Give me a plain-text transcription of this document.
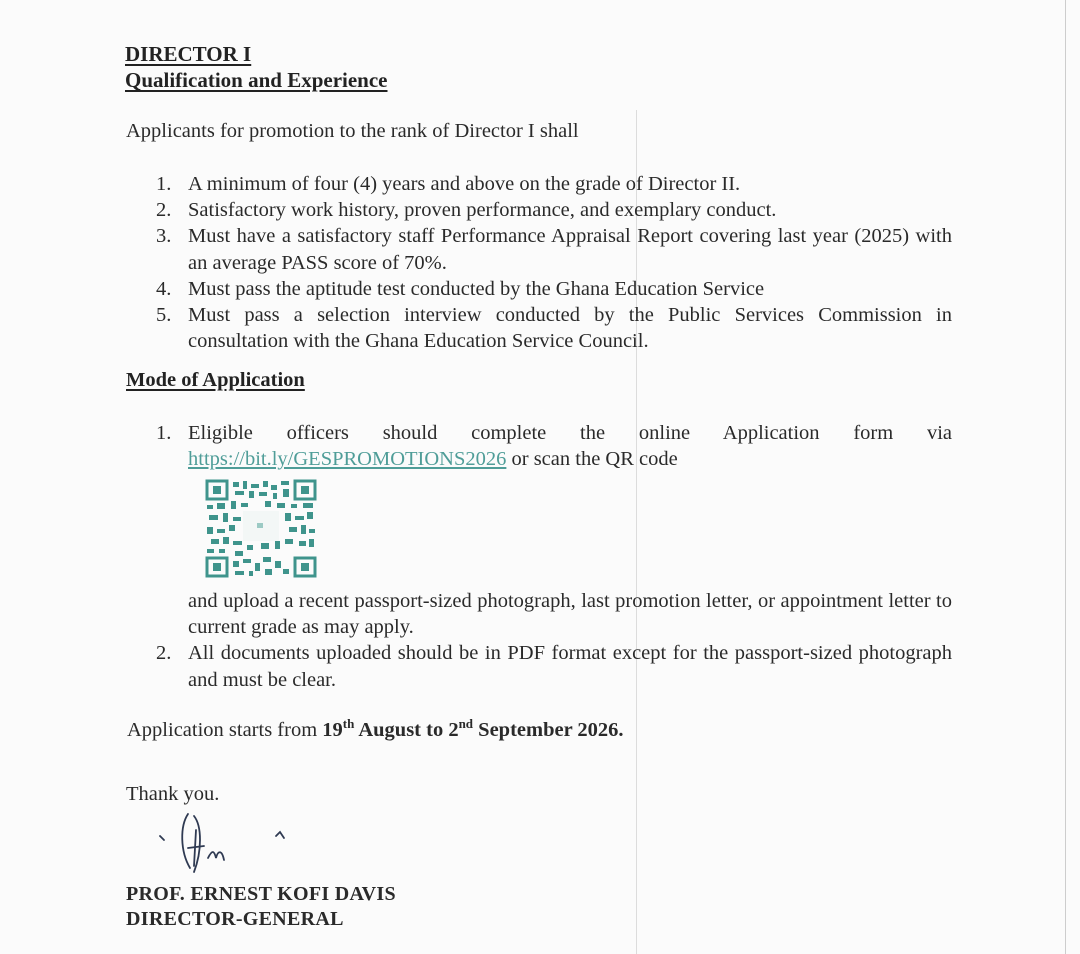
DIRECTOR I

Qualification and Experience

Applicants for promotion to the rank of Director I shall

1. A minimum of four (4) years and above on the grade of Director II.
2. Satisfactory work history, proven performance, and exemplary conduct.
3. Must have a satisfactory staff Performance Appraisal Report covering last year (2025) with an average PASS score of 70%.
4. Must pass the aptitude test conducted by the Ghana Education Service
5. Must pass a selection interview conducted by the Public Services Commission in consultation with the Ghana Education Service Council.

Mode of Application

1. Eligible officers should complete the online Application form via
https://bit.ly/GESPROMOTIONS2026 or scan the QR code
and upload a recent passport-sized photograph, last promotion letter, or appointment letter to current grade as may apply.
2. All documents uploaded should be in PDF format except for the passport-sized photograph and must be clear.

Application starts from 19th August to 2nd September 2026.

Thank you.

PROF. ERNEST KOFI DAVIS

DIRECTOR-GENERAL
